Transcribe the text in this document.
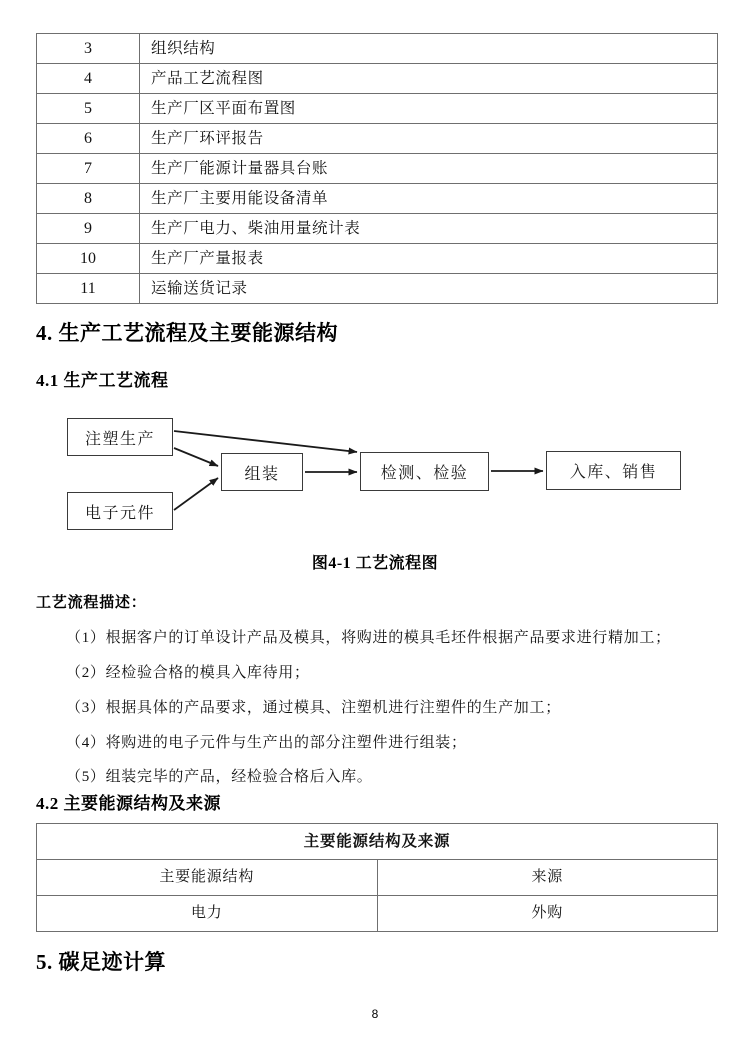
3	组织结构
4	产品工艺流程图
5	生产厂区平面布置图
6	生产厂环评报告
7	生产厂能源计量器具台账
8	生产厂主要用能设备清单
9	生产厂电力、柴油用量统计表
10	生产厂产量报表
11	运输送货记录
4. 生产工艺流程及主要能源结构
4.1 生产工艺流程
注塑生产
电子元件
组装	检测、检验	入库、销售
图4-1 工艺流程图
工艺流程描述：
（1）根据客户的订单设计产品及模具，将购进的模具毛坯件根据产品要求进行精加工；
（2）经检验合格的模具入库待用；
（3）根据具体的产品要求，通过模具、注塑机进行注塑件的生产加工；
（4）将购进的电子元件与生产出的部分注塑件进行组装；
（5）组装完毕的产品，经检验合格后入库。
4.2 主要能源结构及来源
主要能源结构及来源	
主要能源结构	来源
电力	外购
5. 碳足迹计算
8
